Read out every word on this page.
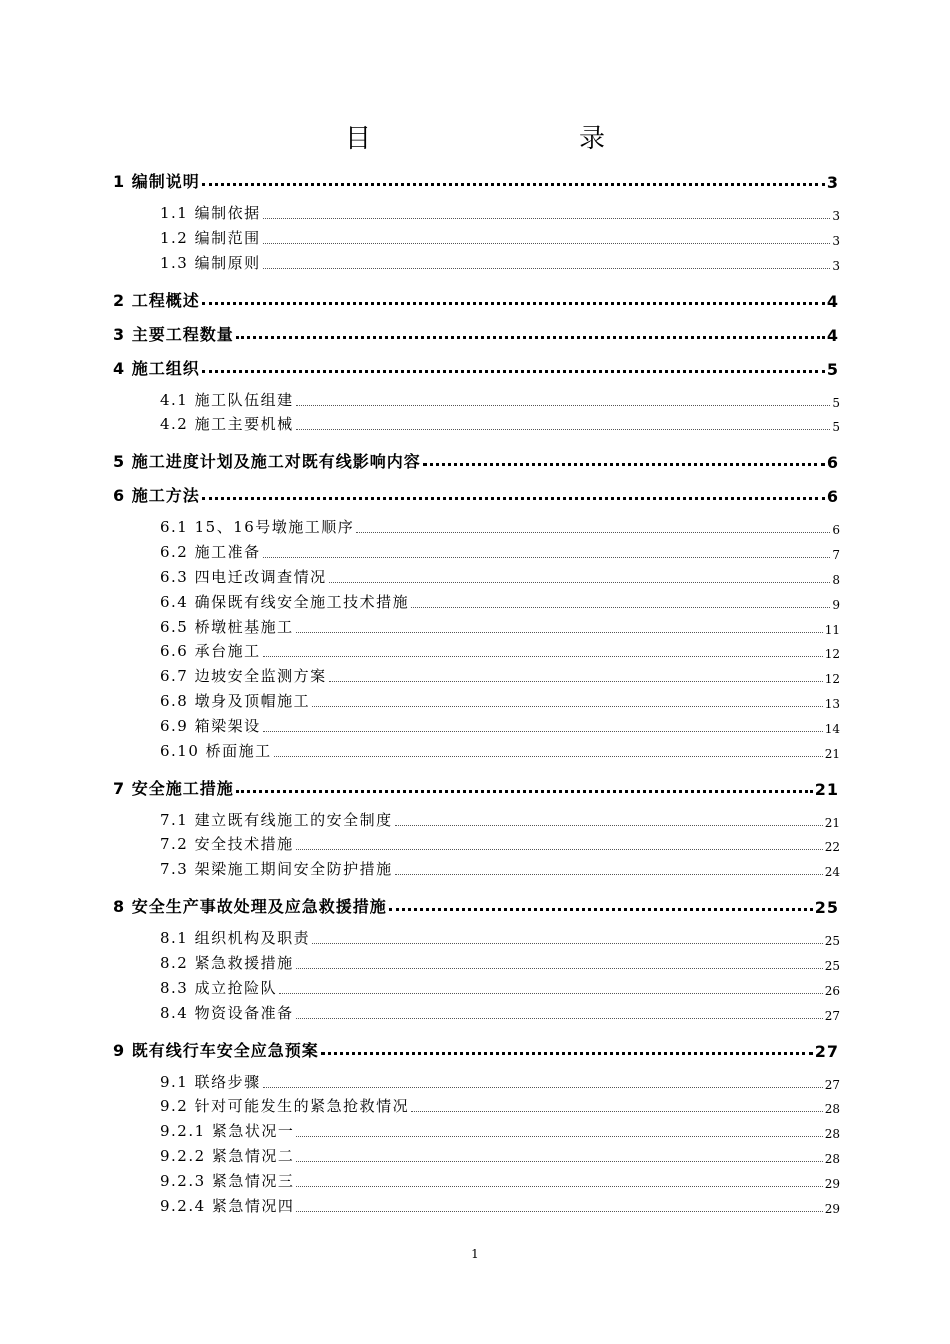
目　　录
1 编制说明	3
1.1 编制依据	3
1.2 编制范围	3
1.3 编制原则	3
2 工程概述	4
3 主要工程数量	4
4 施工组织	5
4.1 施工队伍组建	5
4.2 施工主要机械	5
5 施工进度计划及施工对既有线影响内容	6
6 施工方法	6
6.1 15、16号墩施工顺序	6
6.2 施工准备	7
6.3 四电迁改调查情况	8
6.4 确保既有线安全施工技术措施	9
6.5 桥墩桩基施工	11
6.6 承台施工	12
6.7 边坡安全监测方案	12
6.8 墩身及顶帽施工	13
6.9 箱梁架设	14
6.10 桥面施工	21
7 安全施工措施	21
7.1 建立既有线施工的安全制度	21
7.2 安全技术措施	22
7.3 架梁施工期间安全防护措施	24
8 安全生产事故处理及应急救援措施	25
8.1 组织机构及职责	25
8.2 紧急救援措施	25
8.3 成立抢险队	26
8.4 物资设备准备	27
9 既有线行车安全应急预案	27
9.1 联络步骤	27
9.2 针对可能发生的紧急抢救情况	28
9.2.1 紧急状况一	28
9.2.2 紧急情况二	28
9.2.3 紧急情况三	29
9.2.4 紧急情况四	29
1
